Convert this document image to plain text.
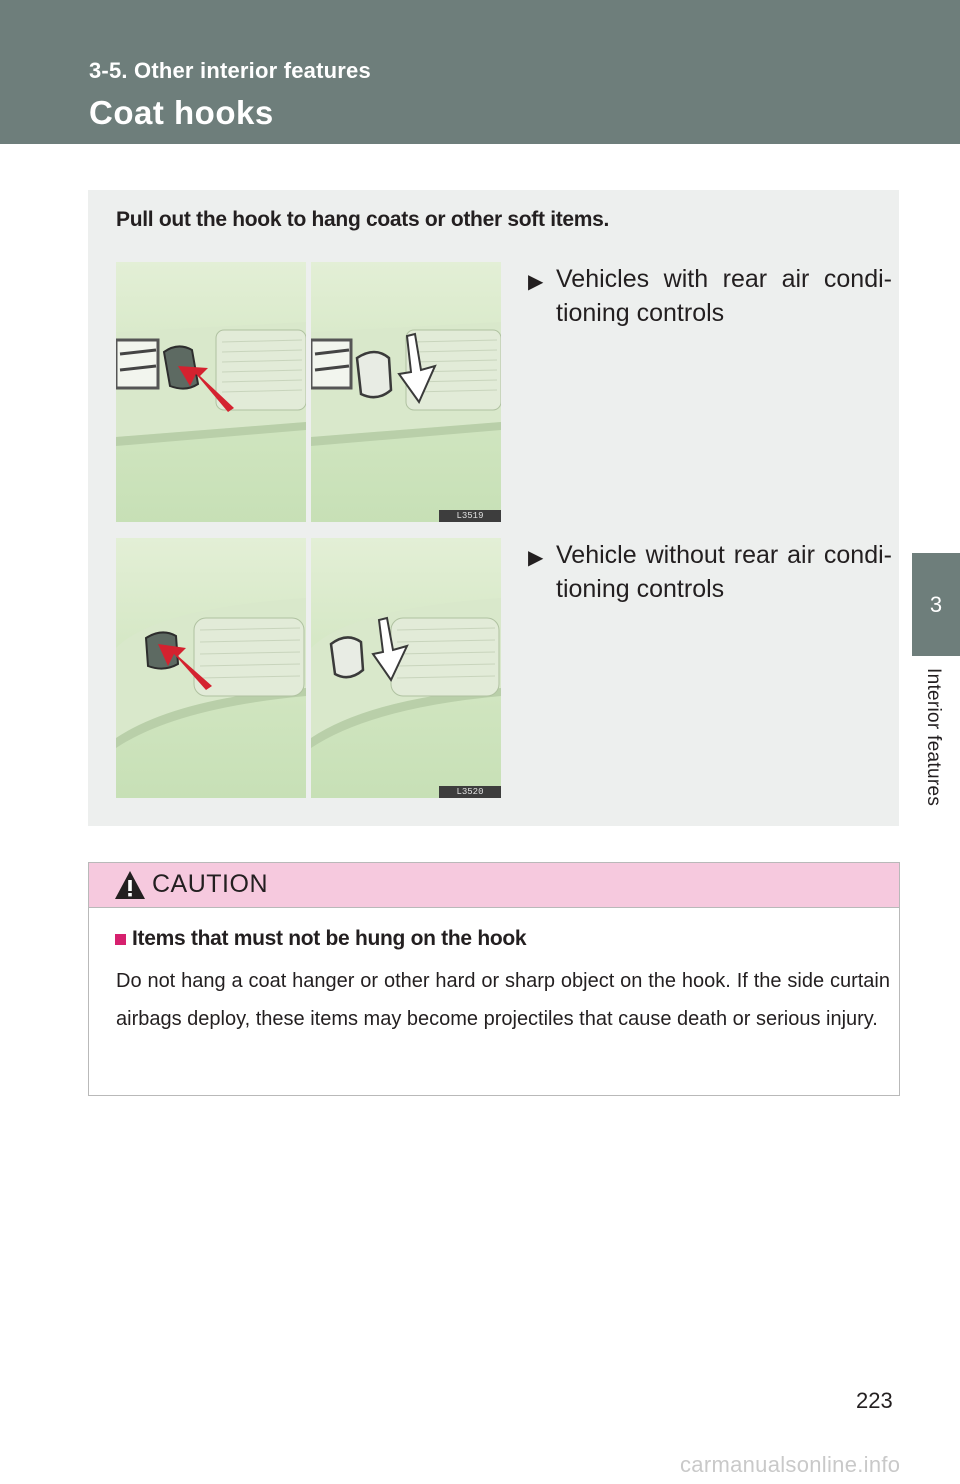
3-5. Other interior features
Coat hooks
3
Interior features
Pull out the hook to hang coats or other soft items.
L3519
L3520
▶ Vehicles with rear air condi-
tioning controls
▶ Vehicle without rear air condi-
tioning controls
CAUTION
Items that must not be hung on the hook
Do not hang a coat hanger or other hard or sharp object on the hook. If the side curtain airbags deploy, these items may become projectiles that cause death or serious injury.
223
carmanualsonline.info
